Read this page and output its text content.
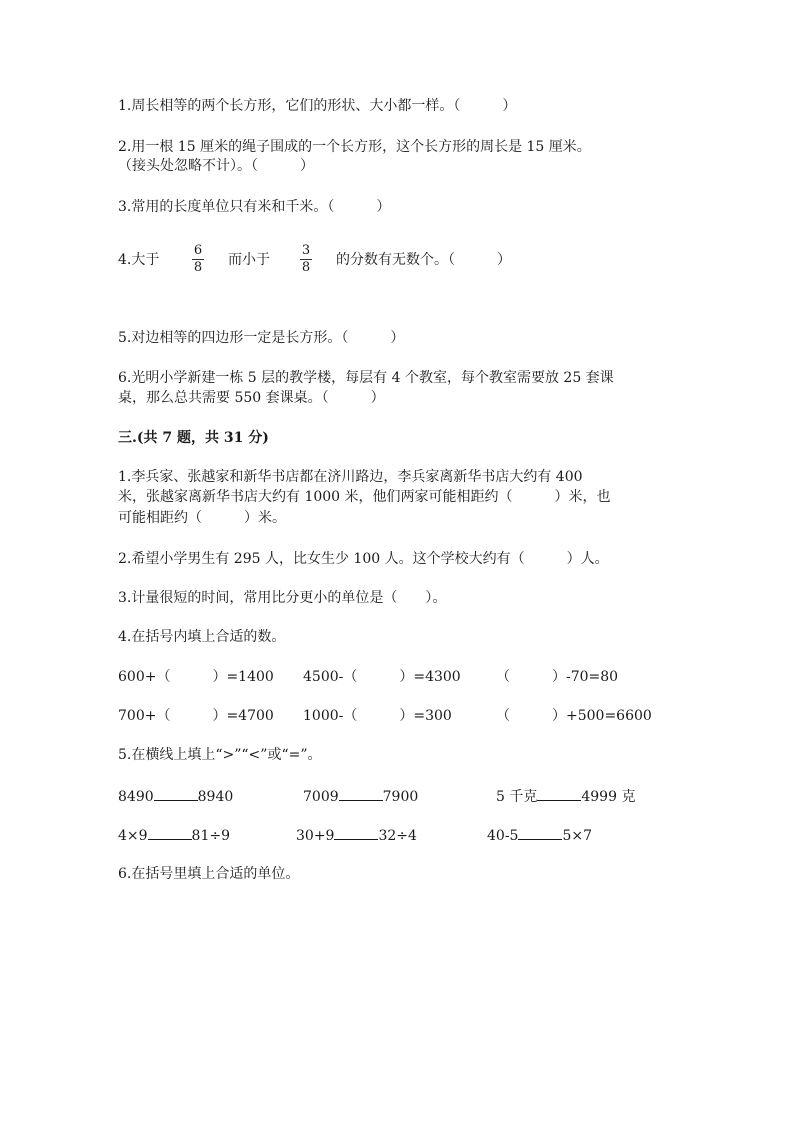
1.周长相等的两个长方形，它们的形状、大小都一样。（　　　）
2.用一根 15 厘米的绳子围成的一个长方形，这个长方形的周长是 15 厘米。
（接头处忽略不计）。（　　　）
3.常用的长度单位只有米和千米。（　　　）
4.大于
6
8 而小于
3
8 的分数有无数个。（　　　）
5.对边相等的四边形一定是长方形。（　　　）
6.光明小学新建一栋 5 层的教学楼，每层有 4 个教室，每个教室需要放 25 套课
桌，那么总共需要 550 套课桌。（　　　）
三.(共 7 题，共 31 分)
1.李兵家、张越家和新华书店都在济川路边，李兵家离新华书店大约有 400
米，张越家离新华书店大约有 1000 米，他们两家可能相距约（　　　）米，也
可能相距约（　　　）米。
2.希望小学男生有 295 人，比女生少 100 人。这个学校大约有（　　　）人。
3.计量很短的时间，常用比分更小的单位是（　　）。
4.在括号内填上合适的数。
600+（　　　）=1400 4500-（　　　）=4300	（　　　）-70=80
700+（　　　）=4700 1000-（　　　）=300	（　　　）+500=6600
5.在横线上填上“>”“<”或“=”。
8490	8940	7009	7900	5 千克	4999 克
4×9	81÷9	30+9	32÷4	40-5	5×7
6.在括号里填上合适的单位。
